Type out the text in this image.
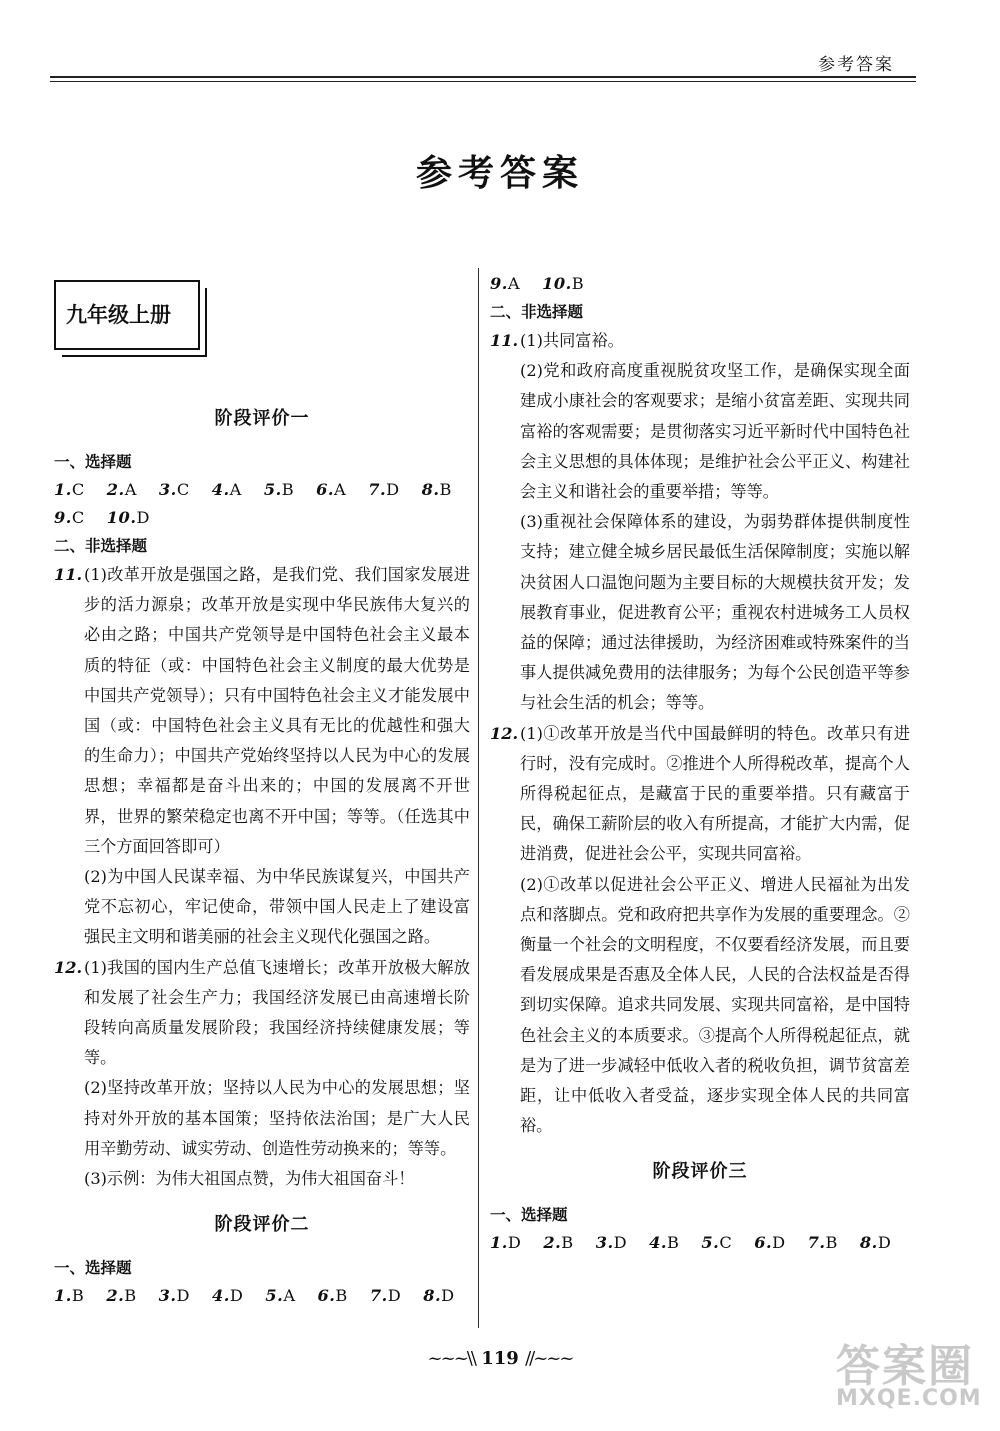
参考答案
参考答案
九年级上册
阶段评价一
一、选择题
1.C 2.A 3.C 4.A 5.B 6.A 7.D 8.B
9.C 10.D
二、非选择题
11. (1)改革开放是强国之路，是我们党、我们国家发展进步的活力源泉；改革开放是实现中华民族伟大复兴的必由之路；中国共产党领导是中国特色社会主义最本质的特征（或：中国特色社会主义制度的最大优势是中国共产党领导）；只有中国特色社会主义才能发展中国（或：中国特色社会主义具有无比的优越性和强大的生命力）；中国共产党始终坚持以人民为中心的发展思想；幸福都是奋斗出来的；中国的发展离不开世界，世界的繁荣稳定也离不开中国；等等。（任选其中三个方面回答即可）

(2)为中国人民谋幸福、为中华民族谋复兴，中国共产党不忘初心，牢记使命，带领中国人民走上了建设富强民主文明和谐美丽的社会主义现代化强国之路。

12. (1)我国的国内生产总值飞速增长；改革开放极大解放和发展了社会生产力；我国经济发展已由高速增长阶段转向高质量发展阶段；我国经济持续健康发展；等等。

(2)坚持改革开放；坚持以人民为中心的发展思想；坚持对外开放的基本国策；坚持依法治国；是广大人民用辛勤劳动、诚实劳动、创造性劳动换来的；等等。

(3)示例：为伟大祖国点赞，为伟大祖国奋斗！

阶段评价二
一、选择题
1.B 2.B 3.D 4.D 5.A 6.B 7.D 8.D
9.A 10.B
二、非选择题
11. (1)共同富裕。

(2)党和政府高度重视脱贫攻坚工作，是确保实现全面建成小康社会的客观要求；是缩小贫富差距、实现共同富裕的客观需要；是贯彻落实习近平新时代中国特色社会主义思想的具体体现；是维护社会公平正义、构建社会主义和谐社会的重要举措；等等。

(3)重视社会保障体系的建设，为弱势群体提供制度性支持；建立健全城乡居民最低生活保障制度；实施以解决贫困人口温饱问题为主要目标的大规模扶贫开发；发展教育事业，促进教育公平；重视农村进城务工人员权益的保障；通过法律援助，为经济困难或特殊案件的当事人提供减免费用的法律服务；为每个公民创造平等参与社会生活的机会；等等。

12. (1)①改革开放是当代中国最鲜明的特色。改革只有进行时，没有完成时。②推进个人所得税改革，提高个人所得税起征点，是藏富于民的重要举措。只有藏富于民，确保工薪阶层的收入有所提高，才能扩大内需，促进消费，促进社会公平，实现共同富裕。

(2)①改革以促进社会公平正义、增进人民福祉为出发点和落脚点。党和政府把共享作为发展的重要理念。②衡量一个社会的文明程度，不仅要看经济发展，而且要看发展成果是否惠及全体人民，人民的合法权益是否得到切实保障。追求共同发展、实现共同富裕，是中国特色社会主义的本质要求。③提高个人所得税起征点，就是为了进一步减轻中低收入者的税收负担，调节贫富差距，让中低收入者受益，逐步实现全体人民的共同富裕。

阶段评价三
一、选择题
1.D 2.B 3.D 4.B 5.C 6.D 7.B 8.D
~~~\\ 119 //~~~	答案圈
MXQE.COM
